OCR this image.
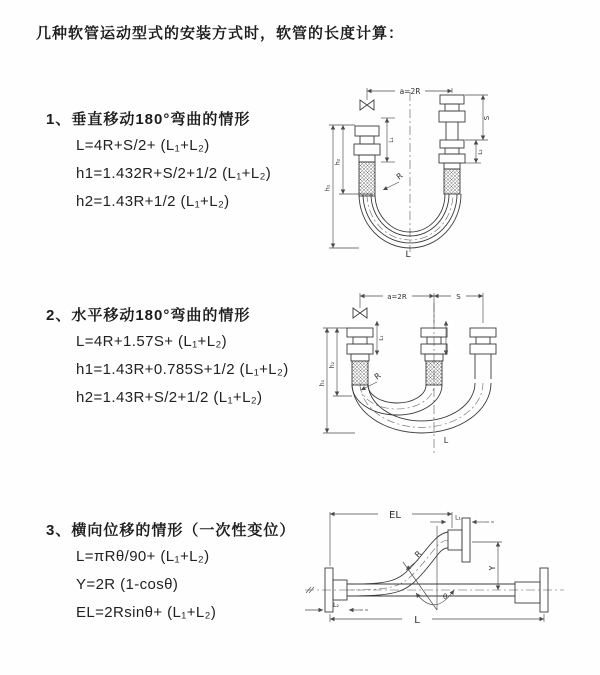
几种软管运动型式的安装方式时，软管的长度计算：
1、垂直移动180°弯曲的情形
L=4R+S/2+ (L₁+L₂)
h1=1.432R+S/2+1/2 (L₁+L₂)
h2=1.43R+1/2 (L₁+L₂)
2、水平移动180°弯曲的情形
L=4R+1.57S+ (L₁+L₂)
h1=1.43R+0.785S+1/2 (L₁+L₂)
h2=1.43R+S/2+1/2 (L₁+L₂)
3、横向位移的情形（一次性变位）
L=πRθ/90+ (L₁+L₂)
Y=2R (1-cosθ)
EL=2Rsinθ+ (L₁+L₂)
a=2R
h₁
h₂
L₁
S
L₂
R
L
a=2R	S
h₁
h₂
L₁
R
L
EL	L₁
Y
θ
R
L
L₂
